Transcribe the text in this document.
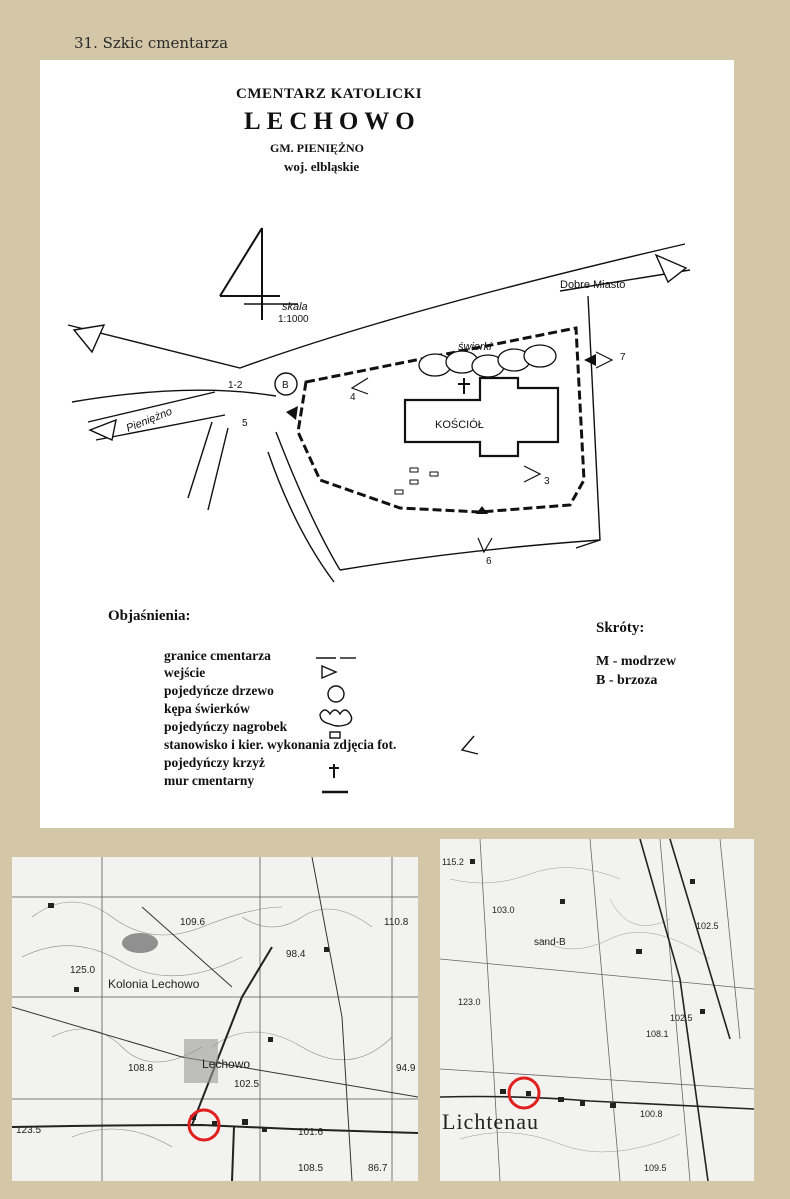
31. Szkic cmentarza
CMENTARZ KATOLICKI
LECHOWO
GM. PIENIĘŻNO
woj. elbląskie
skala
1:1000
Dobre Miasto
Pieniężno
świerki
KOŚCIÓŁ
B
1-2
3
4
5
6
7
Objaśnienia:
granice cmentarza
wejście
pojedyńcze drzewo
kępa świerków
pojedyńczy nagrobek
stanowisko i kier. wykonania zdjęcia fot.
pojedyńczy krzyż
mur cmentarny
Skróty:
M - modrzew
B - brzoza
109.6	110.8
98.4
125.0
Kolonia Lechowo
Lechowo
108.8
102.5
94.9
123.5	101.6
86.7
108.5
115.2
103.0
sand-B
123.0
102.5
108.1
102.5
Lichtenau	100.8
109.5
